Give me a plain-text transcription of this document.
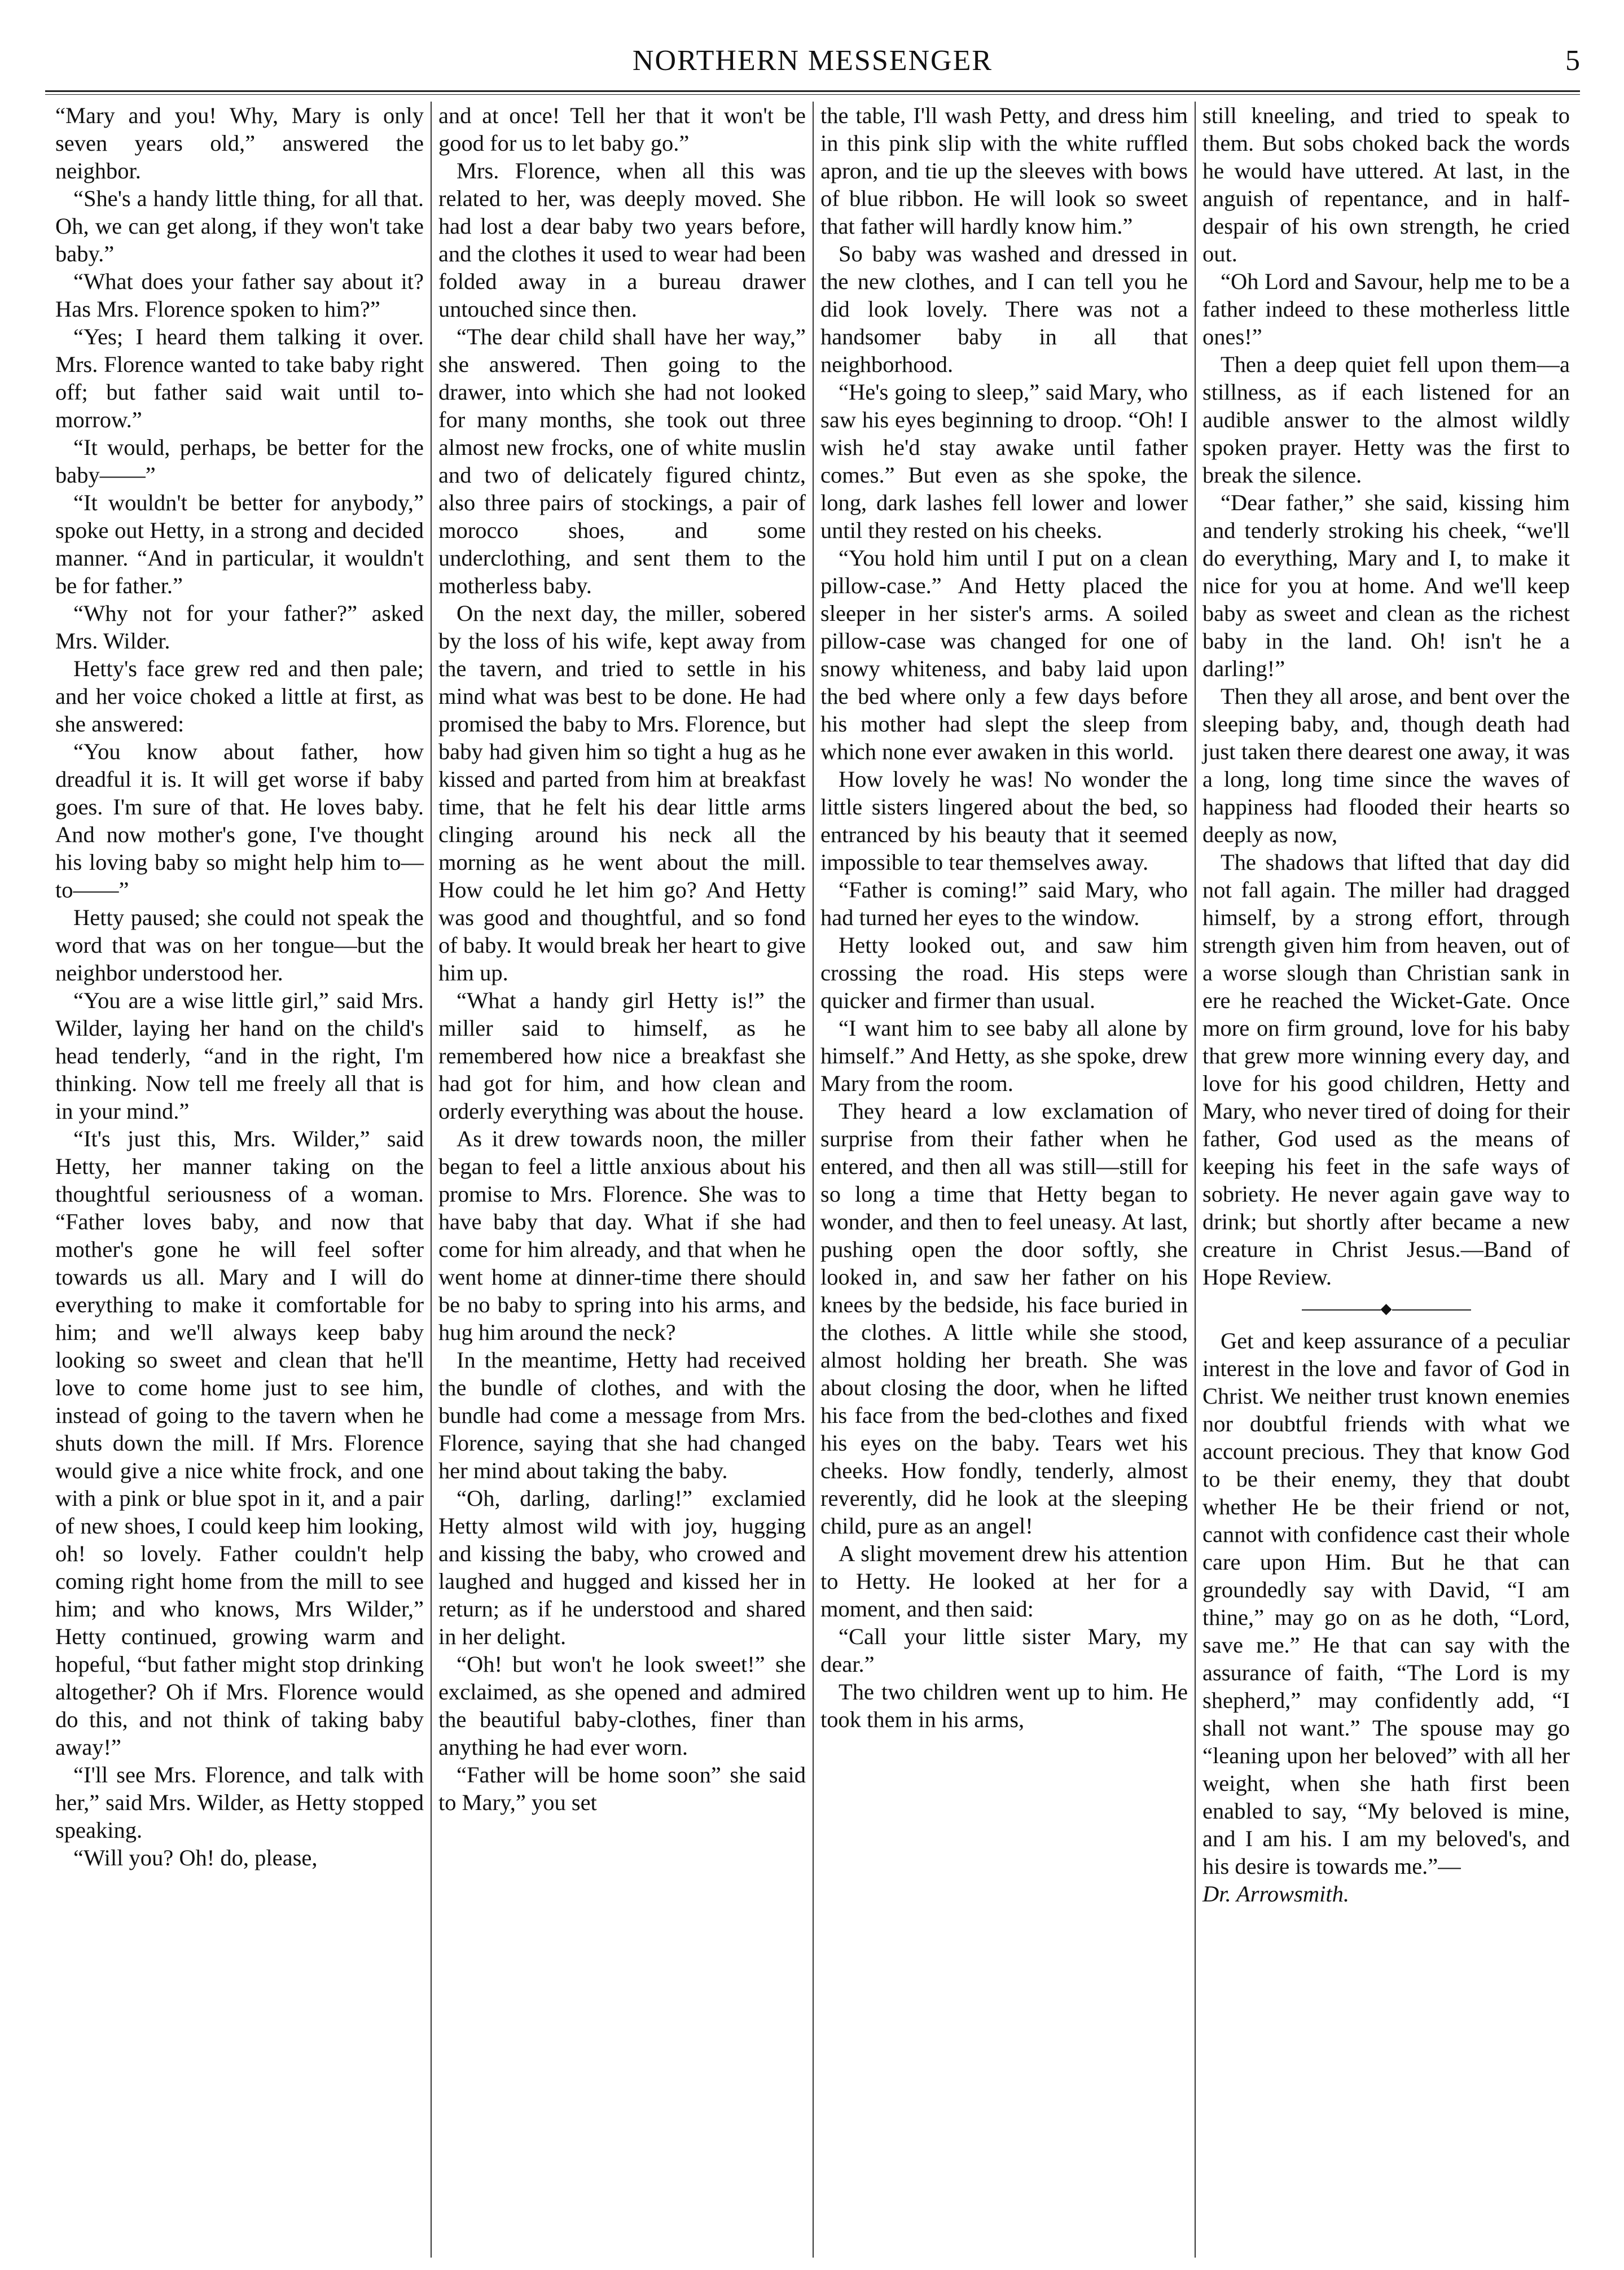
NORTHERN MESSENGER	5

“Mary and you! Why, Mary is only seven years old,” answered the neighbor.

“She's a handy little thing, for all that. Oh, we can get along, if they won't take baby.”

“What does your father say about it? Has Mrs. Florence spoken to him?”

“Yes; I heard them talking it over. Mrs. Florence wanted to take baby right off; but father said wait until to-morrow.”

“It would, perhaps, be better for the baby——”

“It wouldn't be better for anybody,” spoke out Hetty, in a strong and decided manner. “And in particular, it wouldn't be for father.”

“Why not for your father?” asked Mrs. Wilder.

Hetty's face grew red and then pale; and her voice choked a little at first, as she answered:

“You know about father, how dreadful it is. It will get worse if baby goes. I'm sure of that. He loves baby. And now mother's gone, I've thought his loving baby so might help him to—to——”

Hetty paused; she could not speak the word that was on her tongue—but the neighbor understood her.

“You are a wise little girl,” said Mrs. Wilder, laying her hand on the child's head tenderly, “and in the right, I'm thinking. Now tell me freely all that is in your mind.”

“It's just this, Mrs. Wilder,” said Hetty, her manner taking on the thoughtful seriousness of a woman. “Father loves baby, and now that mother's gone he will feel softer towards us all. Mary and I will do everything to make it comfortable for him; and we'll always keep baby looking so sweet and clean that he'll love to come home just to see him, instead of going to the tavern when he shuts down the mill. If Mrs. Florence would give a nice white frock, and one with a pink or blue spot in it, and a pair of new shoes, I could keep him looking, oh! so lovely. Father couldn't help coming right home from the mill to see him; and who knows, Mrs Wilder,” Hetty continued, growing warm and hopeful, “but father might stop drinking altogether? Oh if Mrs. Florence would do this, and not think of taking baby away!”

“I'll see Mrs. Florence, and talk with her,” said Mrs. Wilder, as Hetty stopped speaking.

“Will you? Oh! do, please,

and at once! Tell her that it won't be good for us to let baby go.”

Mrs. Florence, when all this was related to her, was deeply moved. She had lost a dear baby two years before, and the clothes it used to wear had been folded away in a bureau drawer untouched since then.

“The dear child shall have her way,” she answered. Then going to the drawer, into which she had not looked for many months, she took out three almost new frocks, one of white muslin and two of delicately figured chintz, also three pairs of stockings, a pair of morocco shoes, and some underclothing, and sent them to the motherless baby.

On the next day, the miller, sobered by the loss of his wife, kept away from the tavern, and tried to settle in his mind what was best to be done. He had promised the baby to Mrs. Florence, but baby had given him so tight a hug as he kissed and parted from him at breakfast time, that he felt his dear little arms clinging around his neck all the morning as he went about the mill. How could he let him go? And Hetty was good and thoughtful, and so fond of baby. It would break her heart to give him up.

“What a handy girl Hetty is!” the miller said to himself, as he remembered how nice a breakfast she had got for him, and how clean and orderly everything was about the house.

As it drew towards noon, the miller began to feel a little anxious about his promise to Mrs. Florence. She was to have baby that day. What if she had come for him already, and that when he went home at dinner-time there should be no baby to spring into his arms, and hug him around the neck?

In the meantime, Hetty had received the bundle of clothes, and with the bundle had come a message from Mrs. Florence, saying that she had changed her mind about taking the baby.

“Oh, darling, darling!” exclamied Hetty almost wild with joy, hugging and kissing the baby, who crowed and laughed and hugged and kissed her in return; as if he understood and shared in her delight.

“Oh! but won't he look sweet!” she exclaimed, as she opened and admired the beautiful baby-clothes, finer than anything he had ever worn.

“Father will be home soon” she said to Mary,” you set

the table, I'll wash Petty, and dress him in this pink slip with the white ruffled apron, and tie up the sleeves with bows of blue ribbon. He will look so sweet that father will hardly know him.”

So baby was washed and dressed in the new clothes, and I can tell you he did look lovely. There was not a handsomer baby in all that neighborhood.

“He's going to sleep,” said Mary, who saw his eyes beginning to droop. “Oh! I wish he'd stay awake until father comes.” But even as she spoke, the long, dark lashes fell lower and lower until they rested on his cheeks.

“You hold him until I put on a clean pillow-case.” And Hetty placed the sleeper in her sister's arms. A soiled pillow-case was changed for one of snowy whiteness, and baby laid upon the bed where only a few days before his mother had slept the sleep from which none ever awaken in this world.

How lovely he was! No wonder the little sisters lingered about the bed, so entranced by his beauty that it seemed impossible to tear themselves away.

“Father is coming!” said Mary, who had turned her eyes to the window.

Hetty looked out, and saw him crossing the road. His steps were quicker and firmer than usual.

“I want him to see baby all alone by himself.” And Hetty, as she spoke, drew Mary from the room.

They heard a low exclamation of surprise from their father when he entered, and then all was still—still for so long a time that Hetty began to wonder, and then to feel uneasy. At last, pushing open the door softly, she looked in, and saw her father on his knees by the bedside, his face buried in the clothes. A little while she stood, almost holding her breath. She was about closing the door, when he lifted his face from the bed-clothes and fixed his eyes on the baby. Tears wet his cheeks. How fondly, tenderly, almost reverently, did he look at the sleeping child, pure as an angel!

A slight movement drew his attention to Hetty. He looked at her for a moment, and then said:

“Call your little sister Mary, my dear.”

The two children went up to him. He took them in his arms,

still kneeling, and tried to speak to them. But sobs choked back the words he would have uttered. At last, in the anguish of repentance, and in half-despair of his own strength, he cried out.

“Oh Lord and Savour, help me to be a father indeed to these motherless little ones!”

Then a deep quiet fell upon them—a stillness, as if each listened for an audible answer to the almost wildly spoken prayer. Hetty was the first to break the silence.

“Dear father,” she said, kissing him and tenderly stroking his cheek, “we'll do everything, Mary and I, to make it nice for you at home. And we'll keep baby as sweet and clean as the richest baby in the land. Oh! isn't he a darling!”

Then they all arose, and bent over the sleeping baby, and, though death had just taken there dearest one away, it was a long, long time since the waves of happiness had flooded their hearts so deeply as now,

The shadows that lifted that day did not fall again. The miller had dragged himself, by a strong effort, through strength given him from heaven, out of a worse slough than Christian sank in ere he reached the Wicket-Gate. Once more on firm ground, love for his baby that grew more winning every day, and love for his good children, Hetty and Mary, who never tired of doing for their father, God used as the means of keeping his feet in the safe ways of sobriety. He never again gave way to drink; but shortly after became a new creature in Christ Jesus.—Band of Hope Review.

◆

Get and keep assurance of a peculiar interest in the love and favor of God in Christ. We neither trust known enemies nor doubtful friends with what we account precious. They that know God to be their enemy, they that doubt whether He be their friend or not, cannot with confidence cast their whole care upon Him. But he that can groundedly say with David, “I am thine,” may go on as he doth, “Lord, save me.” He that can say with the assurance of faith, “The Lord is my shepherd,” may confidently add, “I shall not want.” The spouse may go “leaning upon her beloved” with all her weight, when she hath first been enabled to say, “My beloved is mine, and I am his. I am my beloved's, and his desire is towards me.”—

Dr. Arrowsmith.
